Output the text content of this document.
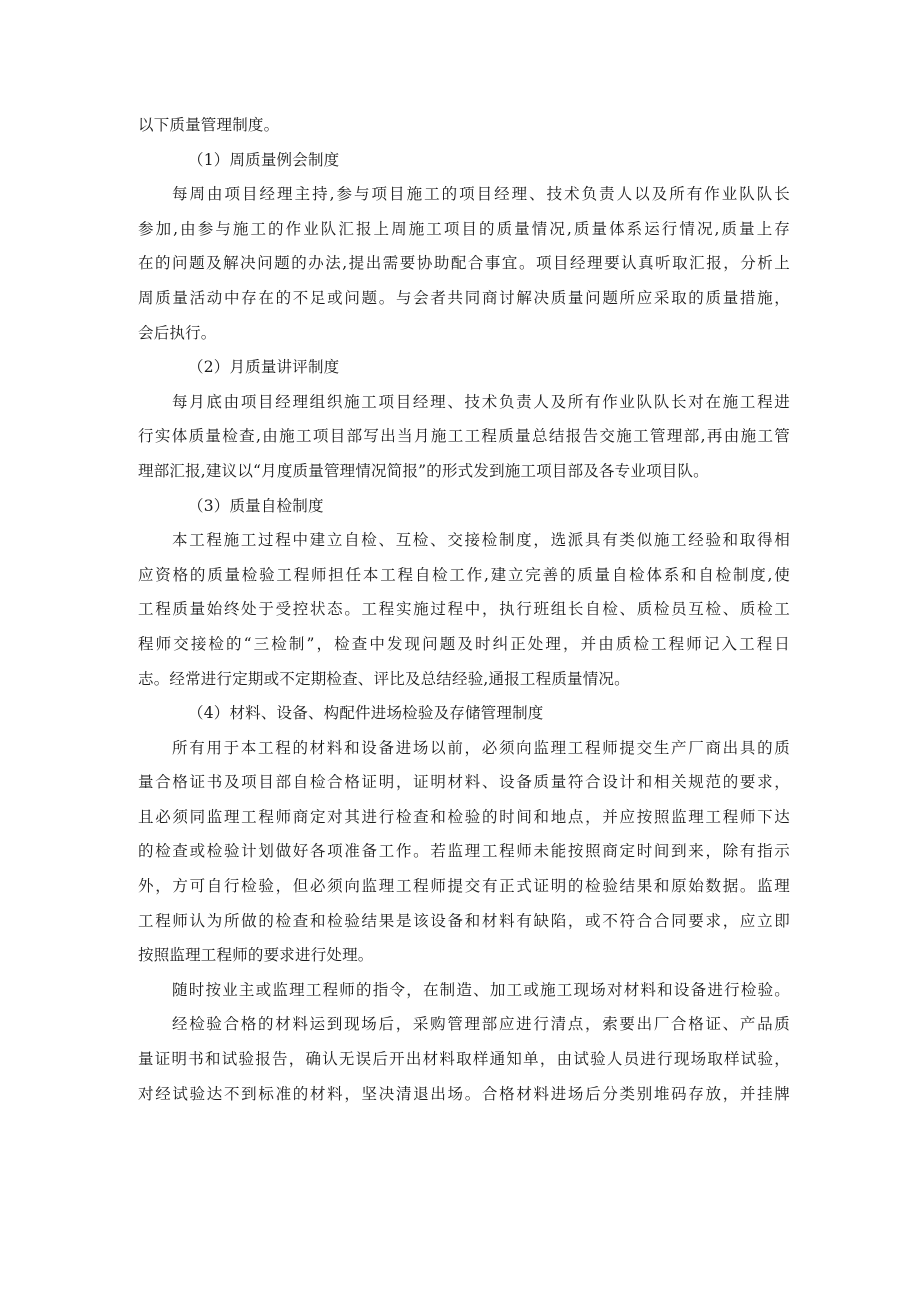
以下质量管理制度。
（1）周质量例会制度
每周由项目经理主持,参与项目施工的项目经理、技术负责人以及所有作业队队长
参加,由参与施工的作业队汇报上周施工项目的质量情况,质量体系运行情况,质量上存
在的问题及解决问题的办法,提出需要协助配合事宜。项目经理要认真听取汇报，分析上
周质量活动中存在的不足或问题。与会者共同商讨解决质量问题所应采取的质量措施，
会后执行。
（2）月质量讲评制度
每月底由项目经理组织施工项目经理、技术负责人及所有作业队队长对在施工程进
行实体质量检查,由施工项目部写出当月施工工程质量总结报告交施工管理部,再由施工管
理部汇报,建议以“月度质量管理情况简报”的形式发到施工项目部及各专业项目队。
（3）质量自检制度
本工程施工过程中建立自检、互检、交接检制度，选派具有类似施工经验和取得相
应资格的质量检验工程师担任本工程自检工作,建立完善的质量自检体系和自检制度,使
工程质量始终处于受控状态。工程实施过程中，执行班组长自检、质检员互检、质检工
程师交接检的“三检制”，检查中发现问题及时纠正处理，并由质检工程师记入工程日
志。经常进行定期或不定期检查、评比及总结经验,通报工程质量情况。
（4）材料、设备、构配件进场检验及存储管理制度
所有用于本工程的材料和设备进场以前，必须向监理工程师提交生产厂商出具的质
量合格证书及项目部自检合格证明，证明材料、设备质量符合设计和相关规范的要求，
且必须同监理工程师商定对其进行检查和检验的时间和地点，并应按照监理工程师下达
的检查或检验计划做好各项准备工作。若监理工程师未能按照商定时间到来，除有指示
外，方可自行检验，但必须向监理工程师提交有正式证明的检验结果和原始数据。监理
工程师认为所做的检查和检验结果是该设备和材料有缺陷，或不符合合同要求，应立即
按照监理工程师的要求进行处理。
随时按业主或监理工程师的指令，在制造、加工或施工现场对材料和设备进行检验。
经检验合格的材料运到现场后，采购管理部应进行清点，索要出厂合格证、产品质
量证明书和试验报告，确认无误后开出材料取样通知单，由试验人员进行现场取样试验，
对经试验达不到标准的材料，坚决清退出场。合格材料进场后分类别堆码存放，并挂牌
